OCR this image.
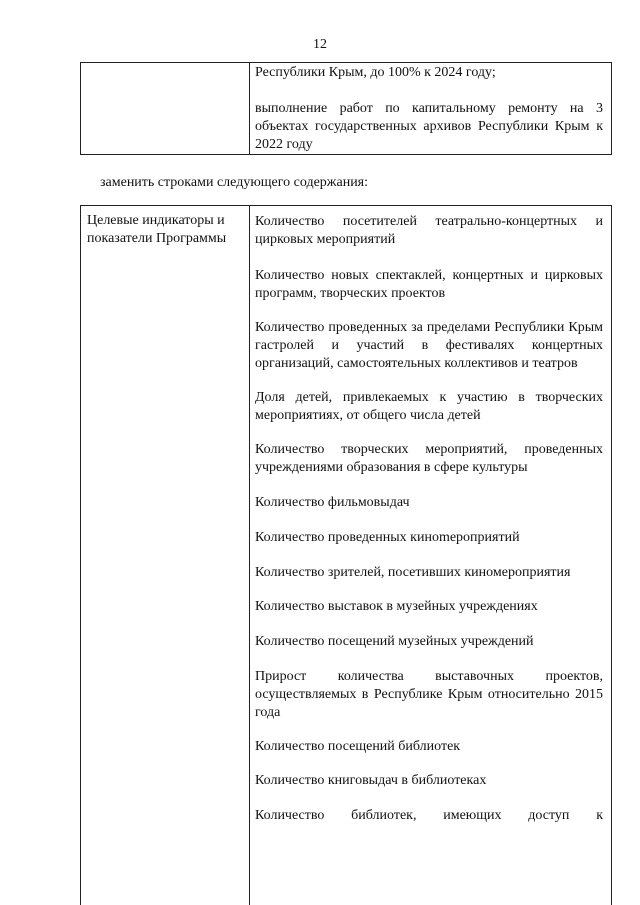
12

Республики Крым, до 100% к 2024 году;

выполнение работ по капитальному ремонту на 3 объектах государственных архивов Республики Крым к 2022 году

заменить строками следующего содержания:
Целевые индикаторы и показатели Программы

Количество посетителей театрально-концертных и цирковых мероприятий

Количество новых спектаклей, концертных и цирковых программ, творческих проектов

Количество проведенных за пределами Республики Крым гастролей и участий в фестивалях концертных организаций, самостоятельных коллективов и театров

Доля детей, привлекаемых к участию в творческих мероприятиях, от общего числа детей

Количество творческих мероприятий, проведенных учреждениями образования в сфере культуры

Количество фильмовыдач

Количество проведенных кинomероприятий

Количество зрителей, посетивших киномероприятия

Количество выставок в музейных учреждениях

Количество посещений музейных учреждений

Прирост количества выставочных проектов, осуществляемых в Республике Крым относительно 2015 года

Количество посещений библиотек

Количество книговыдач в библиотеках

Количество библиотек, имеющих доступ к
